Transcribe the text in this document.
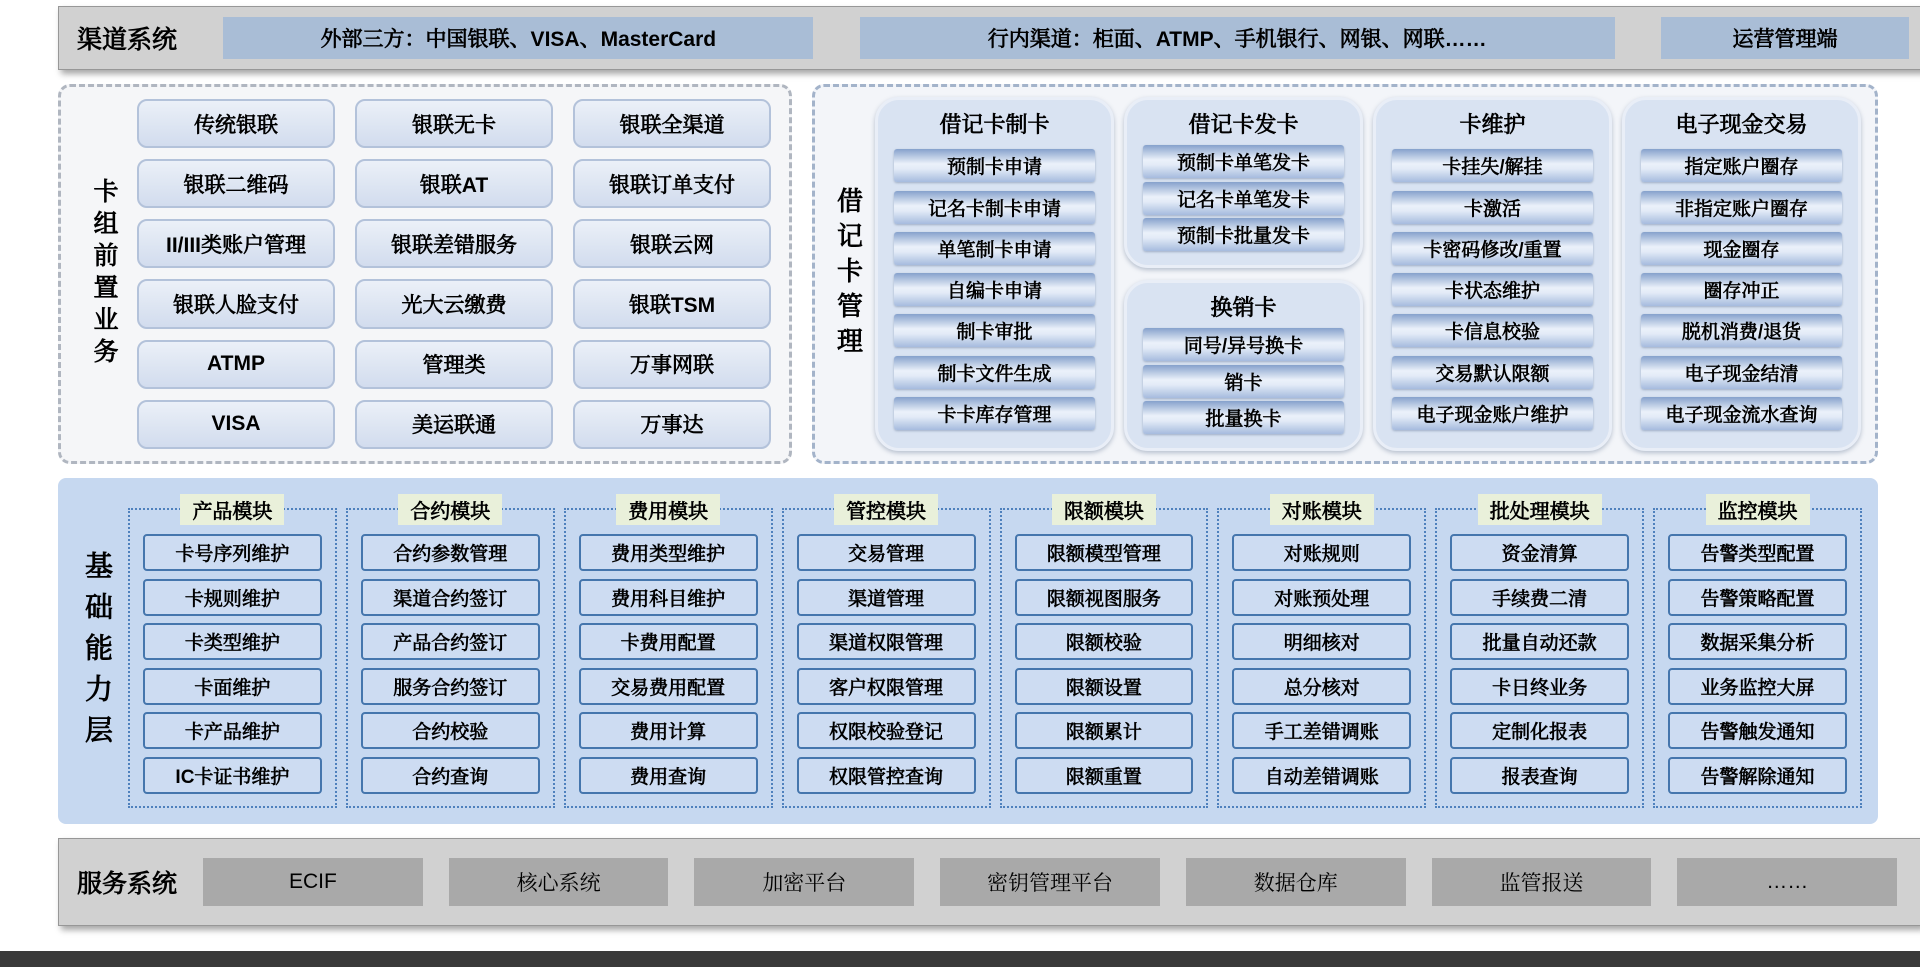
渠道系统	外部三方：中国银联、VISA、MasterCard	行内渠道：柜面、ATMP、手机银行、网银、网联……	运营管理端
卡组前置业务
传统银联	银联无卡	银联全渠道
银联二维码	银联AT	银联订单支付
II/III类账户管理	银联差错服务	银联云网
银联人脸支付	光大云缴费	银联TSM
ATMP	管理类	万事网联
VISA	美运联通	万事达
借记卡管理
借记卡制卡
预制卡申请
记名卡制卡申请
单笔制卡申请
自编卡申请
制卡审批
制卡文件生成
卡卡库存管理
借记卡发卡
预制卡单笔发卡
记名卡单笔发卡
预制卡批量发卡
换销卡
同号/异号换卡
销卡
批量换卡
卡维护
卡挂失/解挂
卡激活
卡密码修改/重置
卡状态维护
卡信息校验
交易默认限额
电子现金账户维护
电子现金交易
指定账户圈存
非指定账户圈存
现金圈存
圈存冲正
脱机消费/退货
电子现金结清
电子现金流水查询
基础能力层
产品模块
卡号序列维护
卡规则维护
卡类型维护
卡面维护
卡产品维护
IC卡证书维护
合约模块
合约参数管理
渠道合约签订
产品合约签订
服务合约签订
合约校验
合约查询
费用模块
费用类型维护
费用科目维护
卡费用配置
交易费用配置
费用计算
费用查询
管控模块
交易管理
渠道管理
渠道权限管理
客户权限管理
权限校验登记
权限管控查询
限额模块
限额模型管理
限额视图服务
限额校验
限额设置
限额累计
限额重置
对账模块
对账规则
对账预处理
明细核对
总分核对
手工差错调账
自动差错调账
批处理模块
资金清算
手续费二清
批量自动还款
卡日终业务
定制化报表
报表查询
监控模块
告警类型配置
告警策略配置
数据采集分析
业务监控大屏
告警触发通知
告警解除通知
服务系统	ECIF	核心系统	加密平台	密钥管理平台	数据仓库	监管报送	……
